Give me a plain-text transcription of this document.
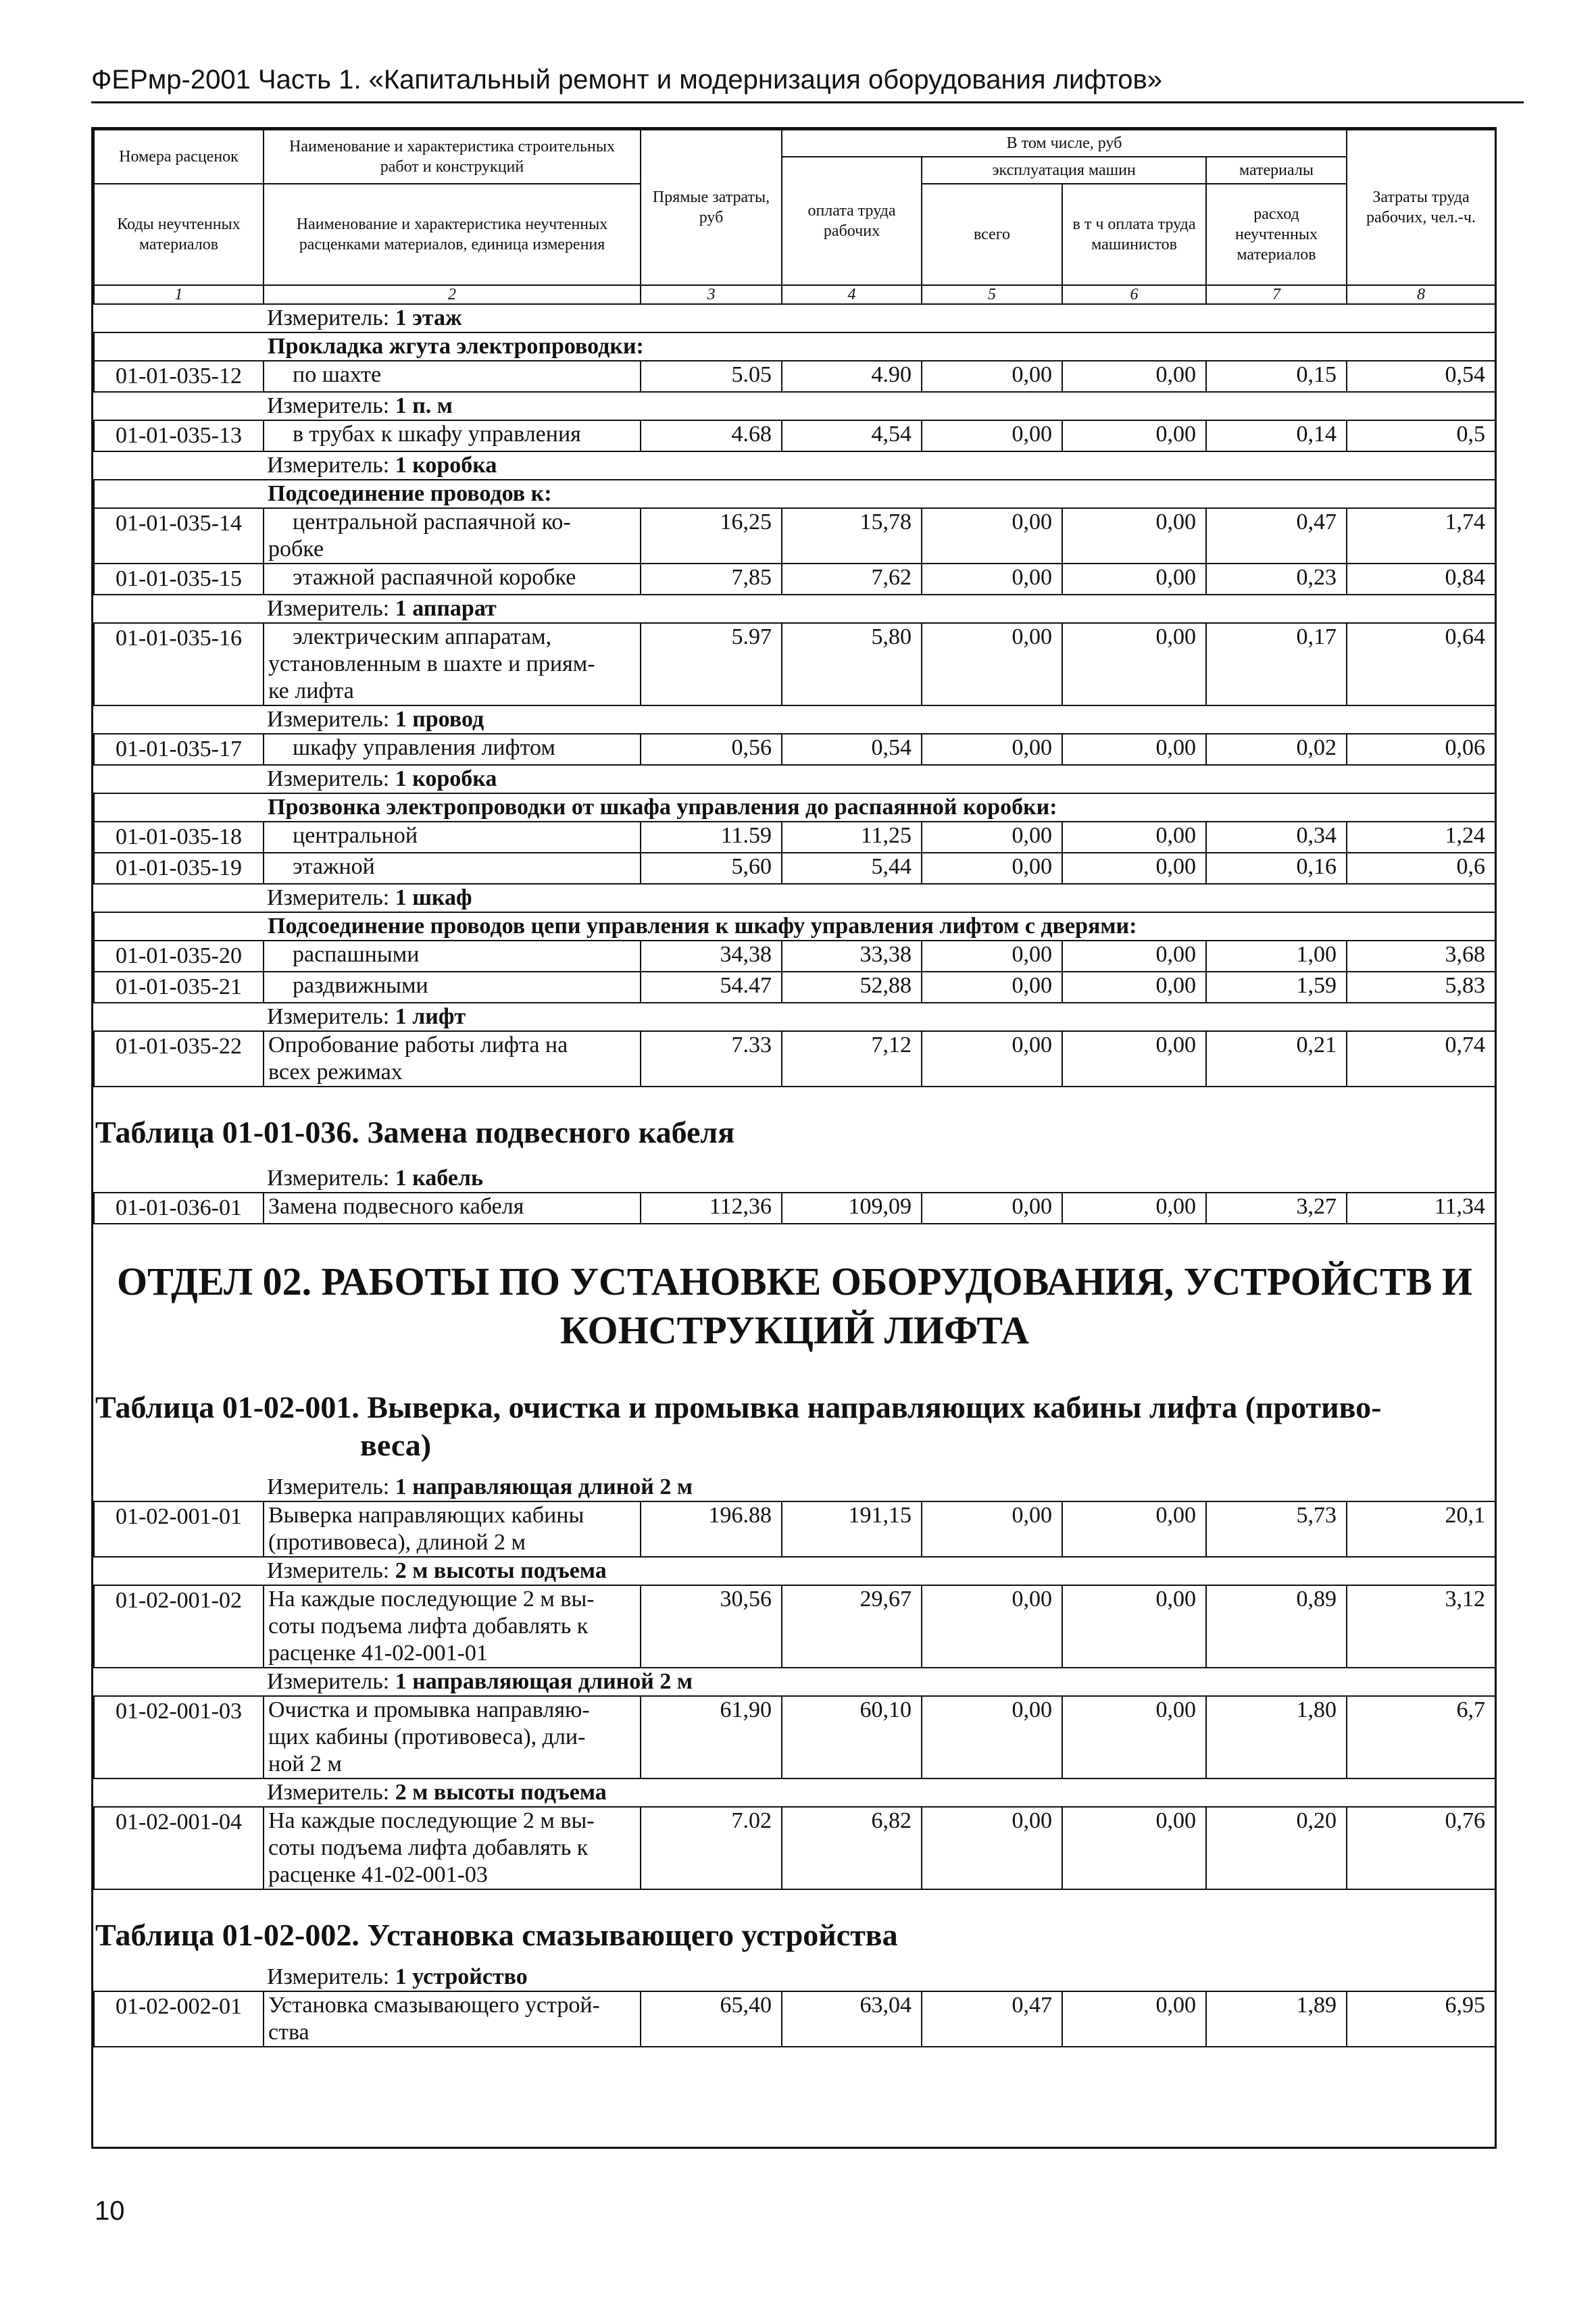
ФЕРмр-2001 Часть 1. «Капитальный ремонт и модернизация оборудования лифтов»
Номера расценок	Наименование и характеристика строительных работ и конструкций	Прямые затраты, руб	В том числе, руб				Затраты труда рабочих, чел.-ч.
			оплата труда рабочих	эксплуатация машин		материалы	
Коды неучтенных материалов	Наименование и характеристика неучтенных расценками материалов, единица измерения			всего	в т ч оплата труда машинистов	расход неучтенных материалов	

1	2	3	4	5	6	7	8
Измеритель: 1 этаж							
Прокладка жгута электропроводки:							
01-01-035-12	по шахте	5.05	4.90	0,00	0,00	0,15	0,54
Измеритель: 1 п. м							
01-01-035-13	в трубах к шкафу управления	4.68	4,54	0,00	0,00	0,14	0,5
Измеритель: 1 коробка							
Подсоединение проводов к:							
01-01-035-14	центральной распаячной ко-
робке	16,25	15,78	0,00	0,00	0,47	1,74
01-01-035-15	этажной распаячной коробке	7,85	7,62	0,00	0,00	0,23	0,84
Измеритель: 1 аппарат							
01-01-035-16	электрическим аппаратам,
установленным в шахте и приям-
ке лифта	5.97	5,80	0,00	0,00	0,17	0,64
Измеритель: 1 провод							
01-01-035-17	шкафу управления лифтом	0,56	0,54	0,00	0,00	0,02	0,06
Измеритель: 1 коробка							
Прозвонка электропроводки от шкафа управления до распаянной коробки:							
01-01-035-18	центральной	11.59	11,25	0,00	0,00	0,34	1,24
01-01-035-19	этажной	5,60	5,44	0,00	0,00	0,16	0,6
Измеритель: 1 шкаф							
Подсоединение проводов цепи управления к шкафу управления лифтом с дверями:							
01-01-035-20	распашными	34,38	33,38	0,00	0,00	1,00	3,68
01-01-035-21	раздвижными	54.47	52,88	0,00	0,00	1,59	5,83
Измеритель: 1 лифт							
01-01-035-22	Опробование работы лифта на
всех режимах	7.33	7,12	0,00	0,00	0,21	0,74

Таблица 01-01-036. Замена подвесного кабеля							

Измеритель: 1 кабель							
01-01-036-01	Замена подвесного кабеля	112,36	109,09	0,00	0,00	3,27	11,34

ОТДЕЛ 02. РАБОТЫ ПО УСТАНОВКЕ ОБОРУДОВАНИЯ, УСТРОЙСТВ И
КОНСТРУКЦИЙ ЛИФТА							

Таблица 01-02-001. Выверка, очистка и промывка направляющих кабины лифта (противо-
веса)							

Измеритель: 1 направляющая длиной 2 м							
01-02-001-01	Выверка направляющих кабины
(противовеса), длиной 2 м	196.88	191,15	0,00	0,00	5,73	20,1
Измеритель: 2 м высоты подъема							
01-02-001-02	На каждые последующие 2 м вы-
соты подъема лифта добавлять к
расценке 41-02-001-01	30,56	29,67	0,00	0,00	0,89	3,12
Измеритель: 1 направляющая длиной 2 м							
01-02-001-03	Очистка и промывка направляю-
щих кабины (противовеса), дли-
ной 2 м	61,90	60,10	0,00	0,00	1,80	6,7
Измеритель: 2 м высоты подъема							
01-02-001-04	На каждые последующие 2 м вы-
соты подъема лифта добавлять к
расценке 41-02-001-03	7.02	6,82	0,00	0,00	0,20	0,76

Таблица 01-02-002. Установка смазывающего устройства							

Измеритель: 1 устройство							
01-02-002-01	Установка смазывающего устрой-
ства	65,40	63,04	0,47	0,00	1,89	6,95
10
